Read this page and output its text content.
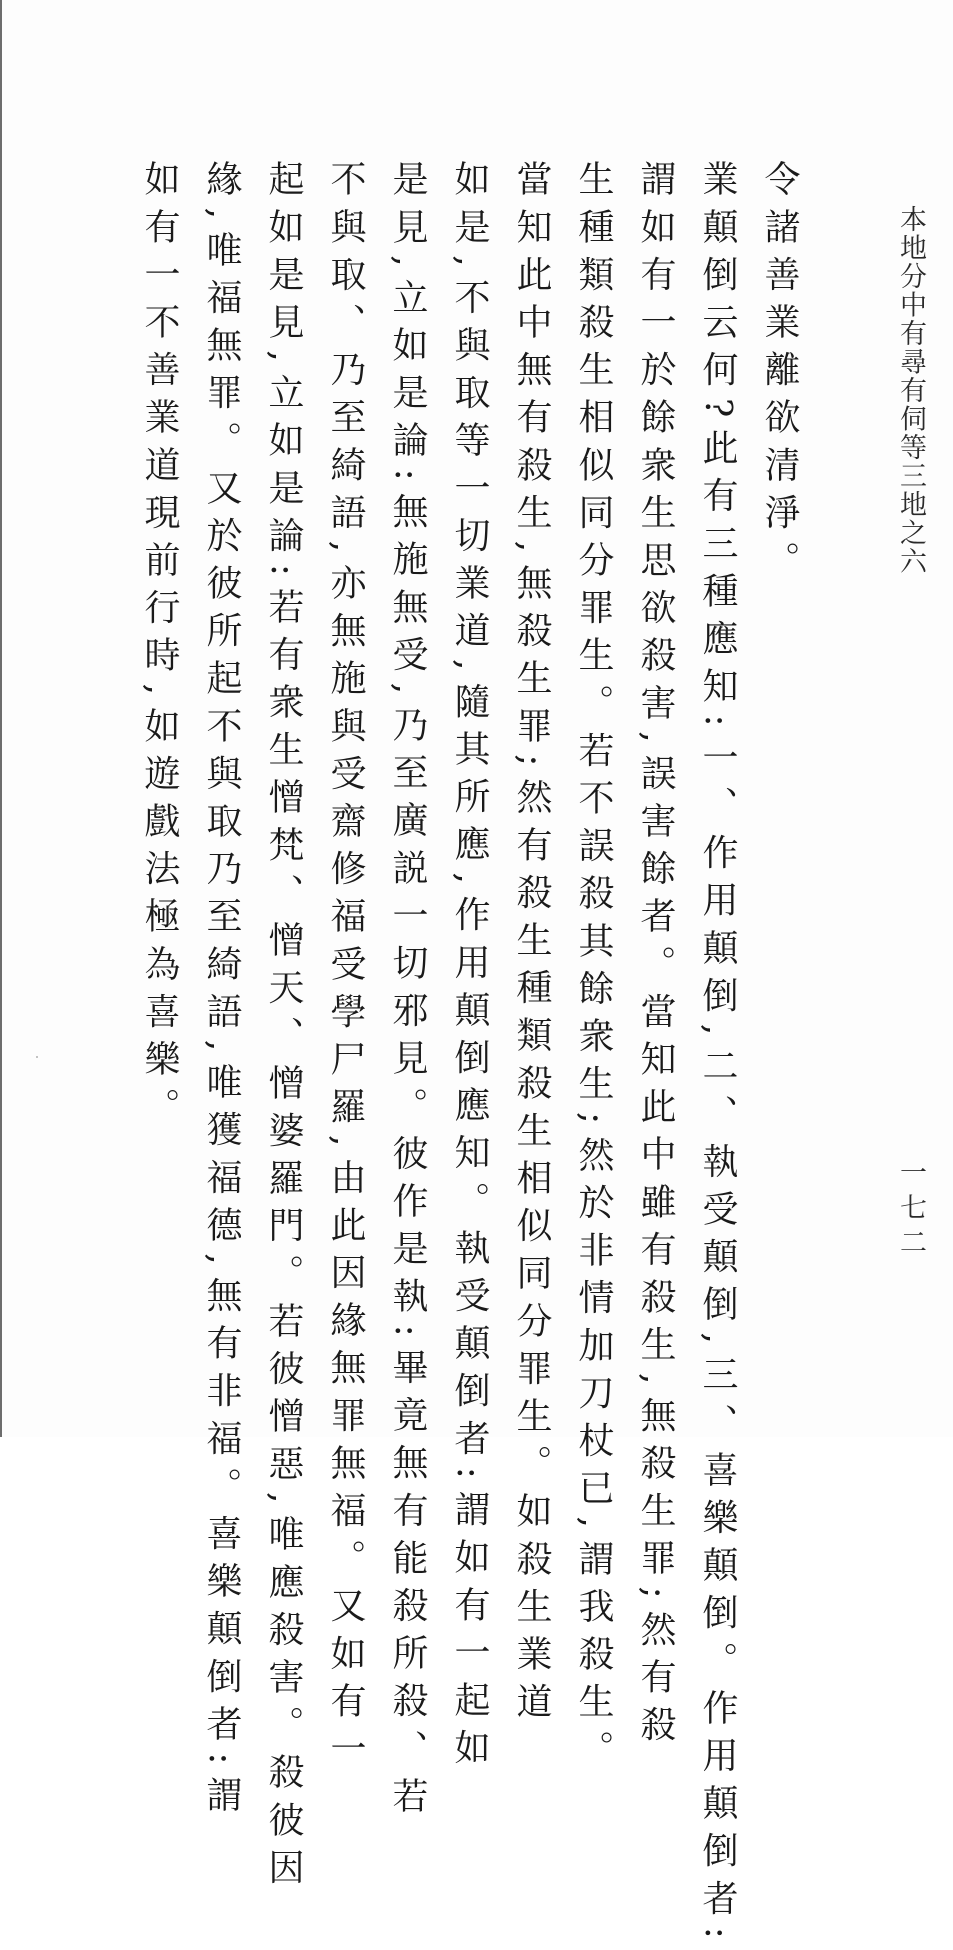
本地分中有尋有伺等三地之六
一七二
令諸善業離欲清淨。
業顛倒云何?此有三種應知:一、作用顛倒,二、執受顛倒,三、喜樂顛倒。作用顛倒者:
謂如有一於餘衆生思欲殺害,誤害餘者。當知此中雖有殺生,無殺生罪;然有殺
生種類殺生相似同分罪生。若不誤殺其餘衆生;然於非情加刀杖已,謂我殺生。
當知此中無有殺生,無殺生罪;然有殺生種類殺生相似同分罪生。如殺生業道
如是,不與取等一切業道,隨其所應,作用顛倒應知。執受顛倒者:謂如有一起如
是見,立如是論:無施無受,乃至廣説一切邪見。彼作是執:畢竟無有能殺所殺、若
不與取、乃至綺語,亦無施與受齋修福受學尸羅,由此因緣無罪無福。又如有一
起如是見,立如是論:若有衆生憎梵、憎天、憎婆羅門。若彼憎惡,唯應殺害。殺彼因
緣,唯福無罪。又於彼所起不與取乃至綺語,唯獲福德,無有非福。喜樂顛倒者:謂
如有一不善業道現前行時,如遊戲法極為喜樂。
